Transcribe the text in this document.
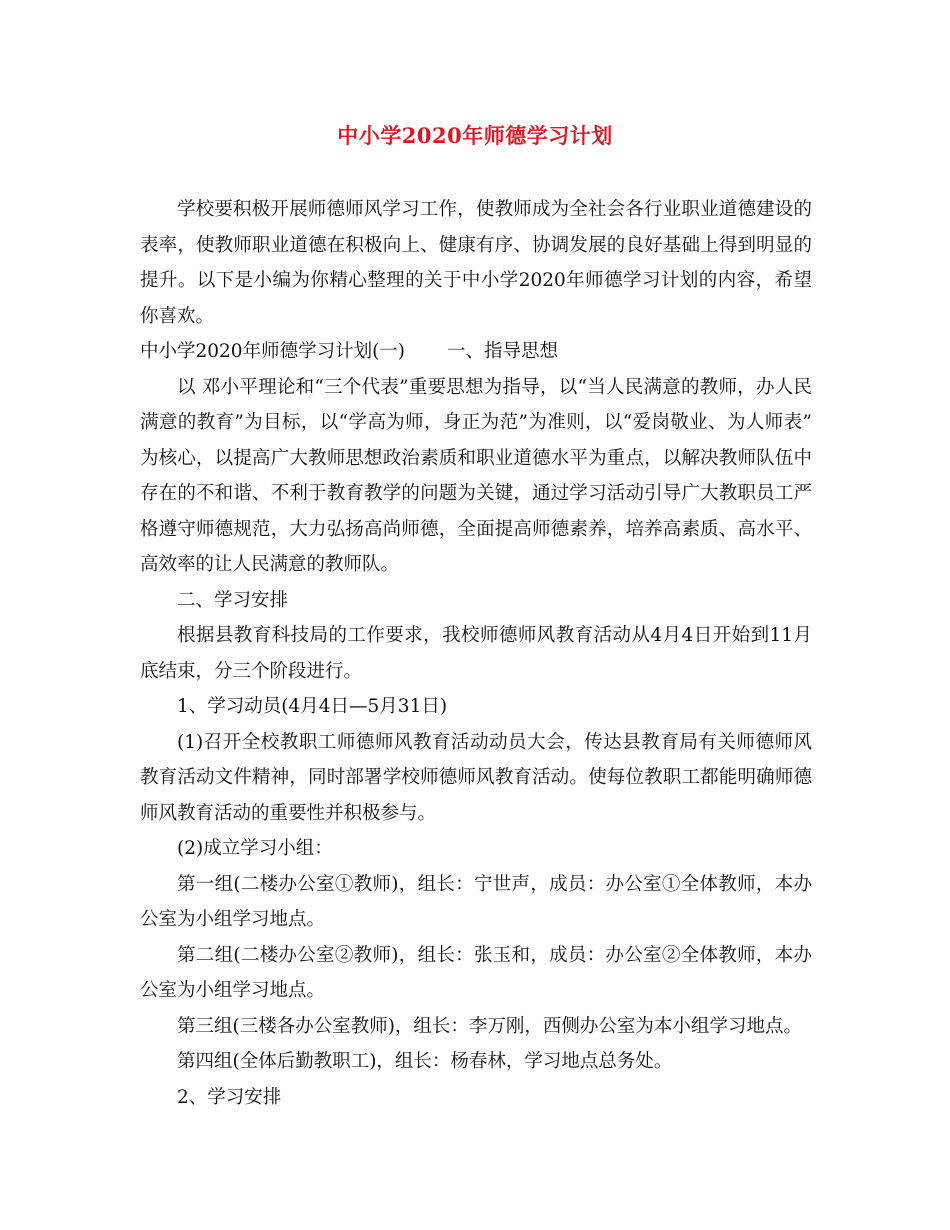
中小学2020年师德学习计划

学校要积极开展师德师风学习工作，使教师成为全社会各行业职业道德建设的表率，使教师职业道德在积极向上、健康有序、协调发展的良好基础上得到明显的提升。以下是小编为你精心整理的关于中小学2020年师德学习计划的内容，希望你喜欢。

中小学2020年师德学习计划(一) 一、指导思想

以 邓小平理论和“三个代表”重要思想为指导，以“当人民满意的教师，办人民满意的教育”为目标，以“学高为师，身正为范”为准则，以“爱岗敬业、为人师表” 为核心，以提高广大教师思想政治素质和职业道德水平为重点，以解决教师队伍中存在的不和谐、不利于教育教学的问题为关键，通过学习活动引导广大教职员工严 格遵守师德规范，大力弘扬高尚师德，全面提高师德素养，培养高素质、高水平、高效率的让人民满意的教师队。

二、学习安排

根据县教育科技局的工作要求，我校师德师风教育活动从4月4日开始到11月底结束，分三个阶段进行。

1、学习动员(4月4日—5月31日)

(1)召开全校教职工师德师风教育活动动员大会，传达县教育局有关师德师风教育活动文件精神，同时部署学校师德师风教育活动。使每位教职工都能明确师德师风教育活动的重要性并积极参与。

(2)成立学习小组：

第一组(二楼办公室①教师)，组长：宁世声，成员：办公室①全体教师，本办公室为小组学习地点。

第二组(二楼办公室②教师)，组长：张玉和，成员：办公室②全体教师，本办公室为小组学习地点。

第三组(三楼各办公室教师)，组长：李万刚，西侧办公室为本小组学习地点。

第四组(全体后勤教职工)，组长：杨春林，学习地点总务处。

2、学习安排
